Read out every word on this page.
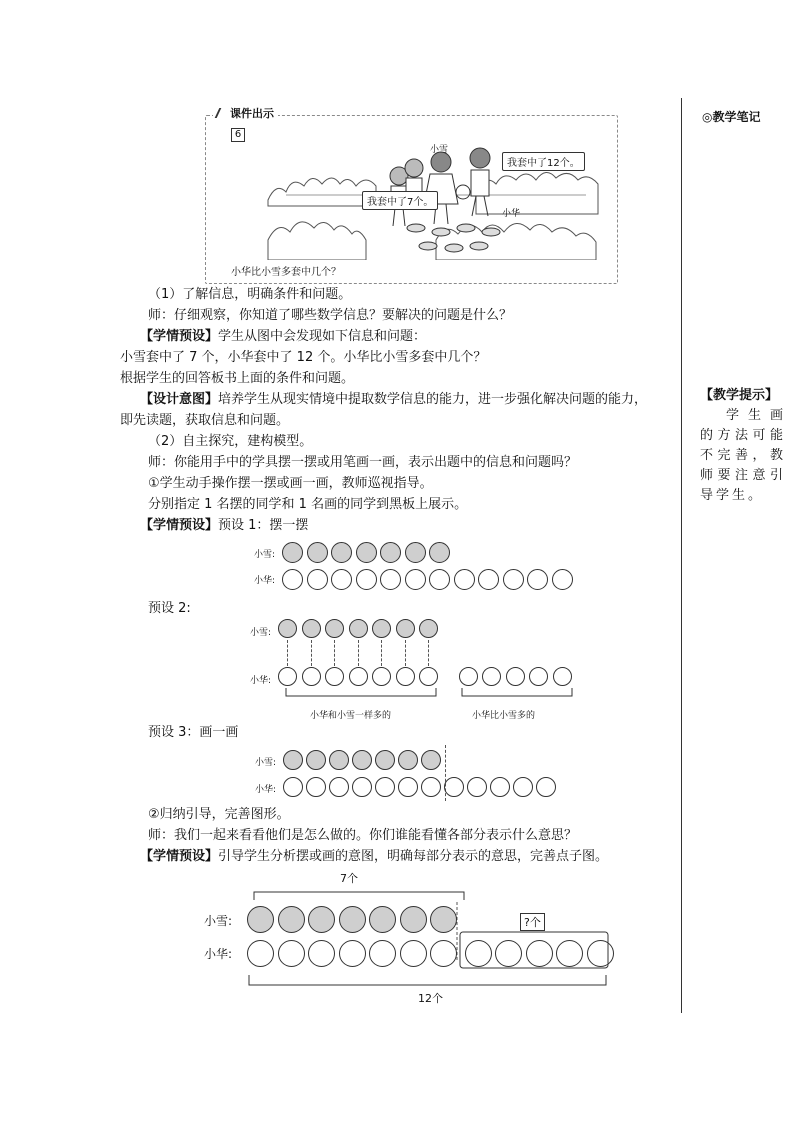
◎教学笔记
【教学提示】
学生画的方法可能不完善，教师要注意引导学生。
课件出示
6
小雪
小华
我套中了12个。
我套中了7个。
小华比小雪多套中几个？
（1）了解信息，明确条件和问题。
师：仔细观察，你知道了哪些数学信息？要解决的问题是什么？
【学情预设】学生从图中会发现如下信息和问题：
小雪套中了 7 个，小华套中了 12 个。小华比小雪多套中几个？
根据学生的回答板书上面的条件和问题。
【设计意图】培养学生从现实情境中提取数学信息的能力，进一步强化解决问题的能力，
即先读题，获取信息和问题。
（2）自主探究，建构模型。
师：你能用手中的学具摆一摆或用笔画一画，表示出题中的信息和问题吗？
①学生动手操作摆一摆或画一画，教师巡视指导。
分别指定 1 名摆的同学和 1 名画的同学到黑板上展示。
【学情预设】预设 1：摆一摆
预设 2:
预设 3：画一画
②归纳引导，完善图形。
师：我们一起来看看他们是怎么做的。你们谁能看懂各部分表示什么意思？
【学情预设】引导学生分析摆或画的意图，明确每部分表示的意思，完善点子图。
小雪:
小华:
小雪:
小华:
小华和小雪一样多的	小华比小雪多的
小雪:
小华:
7个
?个
小雪:
小华:
12个
